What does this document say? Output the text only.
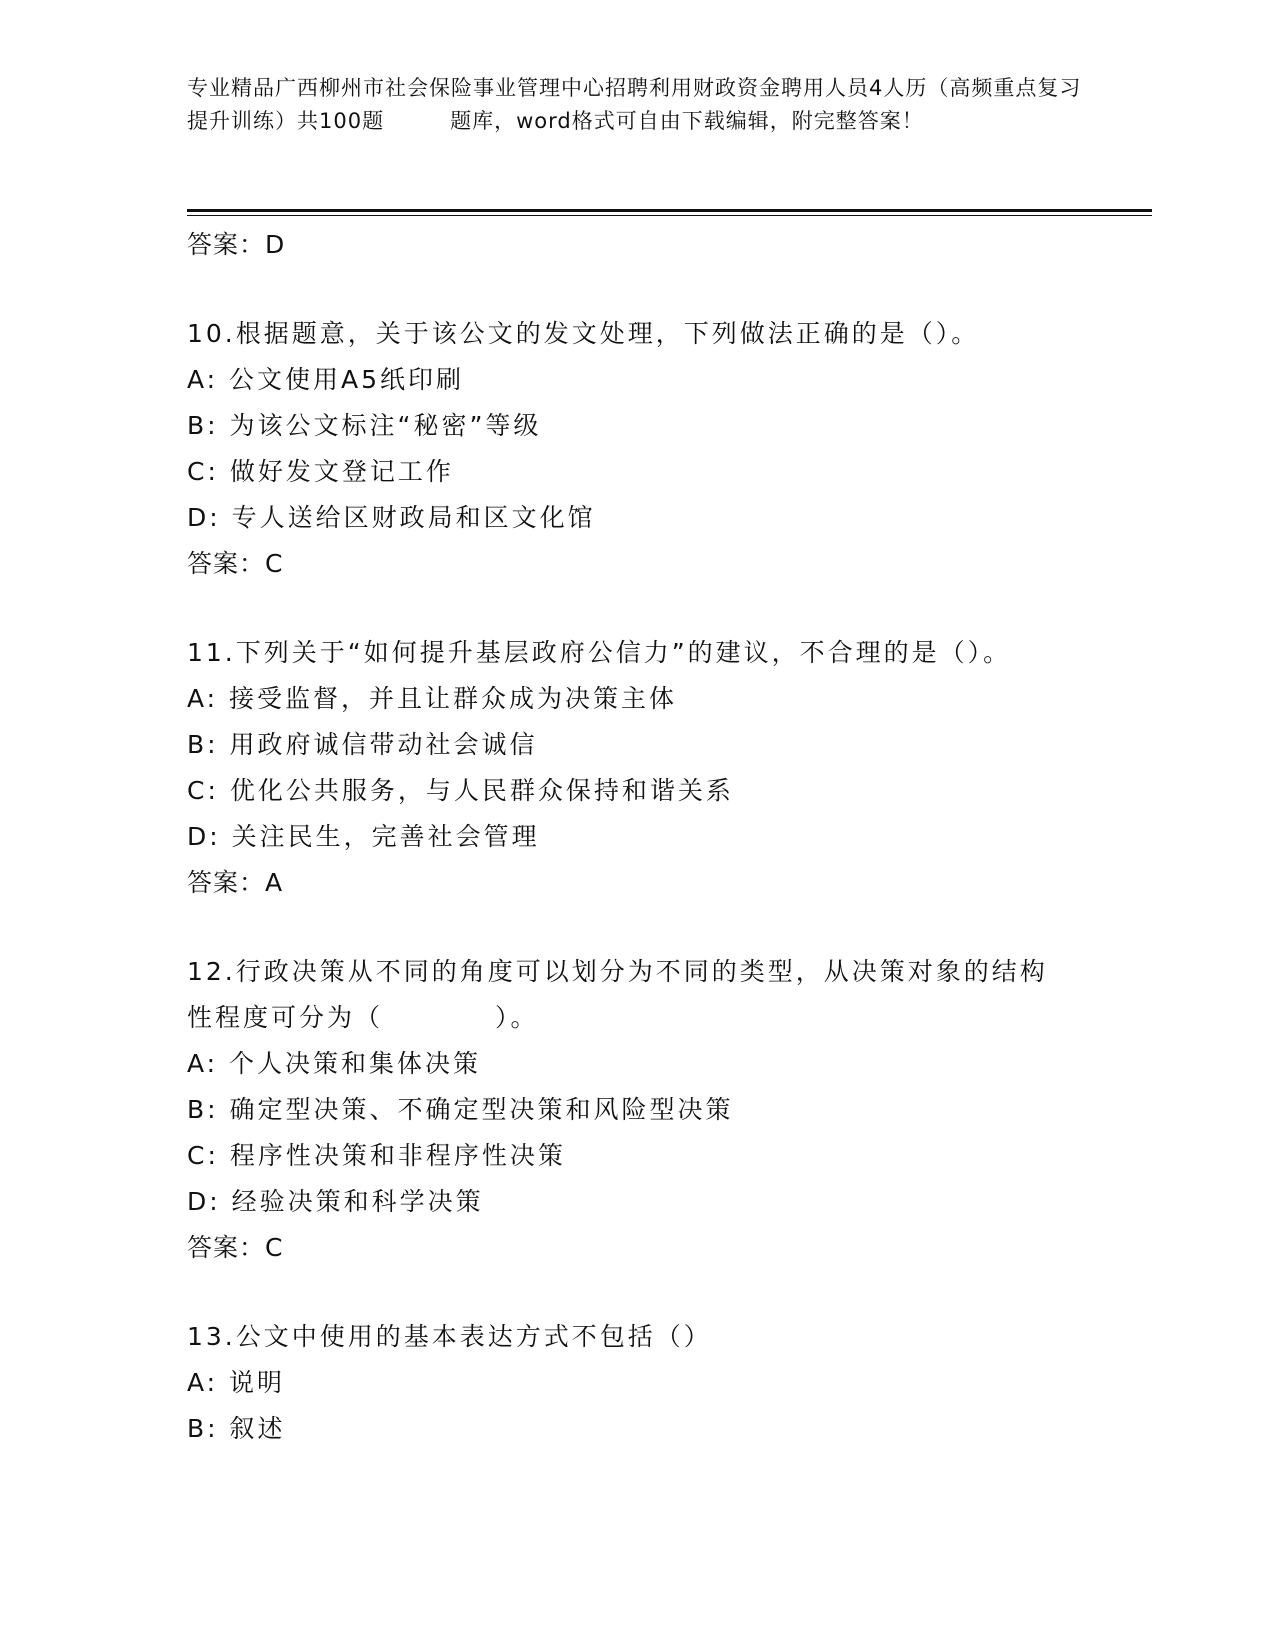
专业精品广西柳州市社会保险事业管理中心招聘利用财政资金聘用人员4人历（高频重点复习提升训练）共100题　　　题库，word格式可自由下载编辑，附完整答案！

答案：D

10.根据题意，关于该公文的发文处理，下列做法正确的是（）。

A: 公文使用A5纸印刷

B: 为该公文标注“秘密”等级

C: 做好发文登记工作

D: 专人送给区财政局和区文化馆

答案：C

11.下列关于“如何提升基层政府公信力”的建议，不合理的是（）。

A: 接受监督，并且让群众成为决策主体

B: 用政府诚信带动社会诚信

C: 优化公共服务，与人民群众保持和谐关系

D: 关注民生，完善社会管理

答案：A

12.行政决策从不同的角度可以划分为不同的类型，从决策对象的结构

性程度可分为（　　　　）。

A: 个人决策和集体决策

B: 确定型决策、不确定型决策和风险型决策

C: 程序性决策和非程序性决策

D: 经验决策和科学决策

答案：C

13.公文中使用的基本表达方式不包括（）

A: 说明

B: 叙述
